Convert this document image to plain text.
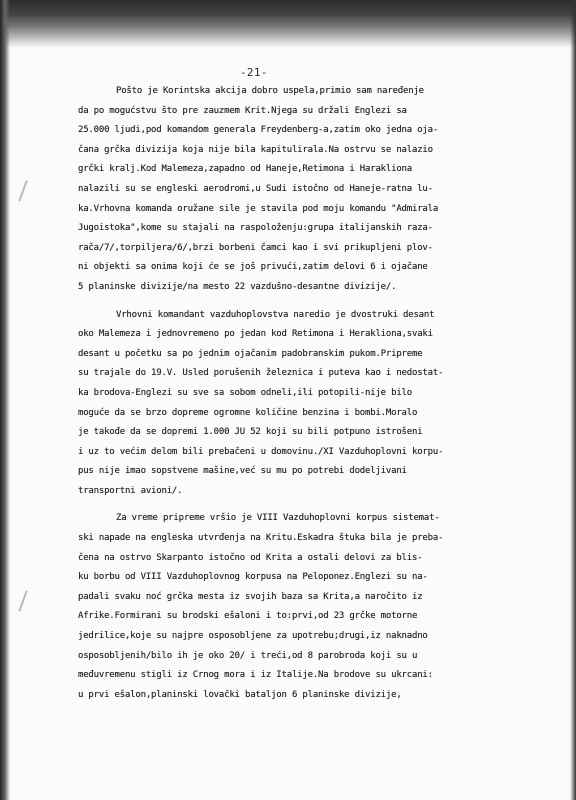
-21-
Pošto je Korintska akcija dobro uspela,primio sam naređenje
da po mogućstvu što pre zauzmem Krit.Njega su držali Englezi sa
25.000 ljudi,pod komandom generala Freydenberg-a,zatim oko jedna oja-
čana grčka divizija koja nije bila kapitulirala.Na ostrvu se nalazio
grčki kralj.Kod Malemeza,zapadno od Haneje,Retimona i Harakliona
nalazili su se engleski aerodromi,u Sudi istočno od Haneje-ratna lu-
ka.Vrhovna komanda oružane sile je stavila pod moju komandu "Admirala
Jugoistoka",kome su stajali na raspoloženju:grupa italijanskih raza-
rača/7/,torpiljera/6/,brzi borbeni čamci kao i svi prikupljeni plov-
ni objekti sa onima koji će se još privući,zatim delovi 6 i ojačane
5 planinske divizije/na mesto 22 vazdušno-desantne divizije/.
Vrhovni komandant vazduhoplovstva naredio je dvostruki desant
oko Malemeza i jednovremeno po jedan kod Retimona i Herakliona,svaki
desant u početku sa po jednim ojačanim padobranskim pukom.Pripreme
su trajale do 19.V. Usled porušenih železnica i puteva kao i nedostat-
ka brodova-Englezi su sve sa sobom odneli,ili potopili-nije bilo
moguće da se brzo dopreme ogromne količine benzina i bombi.Moralo
je takođe da se dopremi 1.000 JU 52 koji su bili potpuno istrošeni
i uz to većim delom bili prebačeni u domovinu./XI Vazduhoplovni korpu-
pus nije imao sopstvene mašine,već su mu po potrebi dodeljivani
transportni avioni/.
Za vreme pripreme vršio je VIII Vazduhoplovni korpus sistemat-
ski napade na engleska utvrđenja na Kritu.Eskadra štuka bila je preba-
čena na ostrvo Skarpanto istočno od Krita a ostali delovi za blis-
ku borbu od VIII Vazduhoplovnog korpusa na Peloponez.Englezi su na-
padali svaku noć grčka mesta iz svojih baza sa Krita,a naročito iz
Afrike.Formirani su brodski ešaloni i to:prvi,od 23 grčke motorne
jedrilice,koje su najpre osposobljene za upotrebu;drugi,iz naknadno
osposobljenih/bilo ih je oko 20/ i treći,od 8 parobroda koji su u
međuvremenu stigli iz Crnog mora i iz Italije.Na brodove su ukrcani:
u prvi ešalon,planinski lovački bataljon 6 planinske divizije,
